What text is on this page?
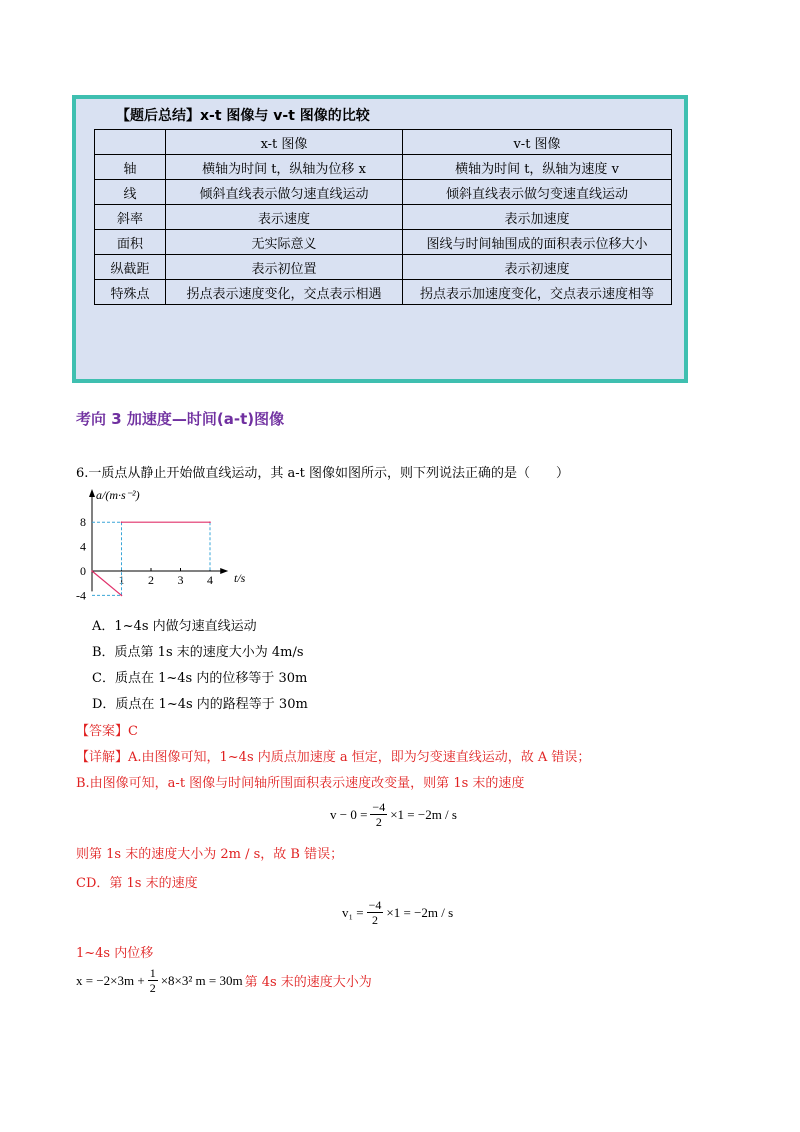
【题后总结】x-t 图像与 v-t 图像的比较
	x-t 图像	v-t 图像
轴	横轴为时间 t，纵轴为位移 x	横轴为时间 t，纵轴为速度 v
线	倾斜直线表示做匀速直线运动	倾斜直线表示做匀变速直线运动
斜率	表示速度	表示加速度
面积	无实际意义	图线与时间轴围成的面积表示位移大小
纵截距	表示初位置	表示初速度
特殊点	拐点表示速度变化，交点表示相遇	拐点表示加速度变化，交点表示速度相等
考向 3 加速度—时间(a-t)图像
6.一质点从静止开始做直线运动，其 a-t 图像如图所示，则下列说法正确的是（　　）
8
4
0
-4
1 2 3 4
a/(m·s⁻²)
t/s
A．1~4s 内做匀速直线运动
B．质点第 1s 末的速度大小为 4m/s
C．质点在 1~4s 内的位移等于 30m
D．质点在 1~4s 内的路程等于 30m
【答案】C
【详解】A.由图像可知，1~4s 内质点加速度 a 恒定，即为匀变速直线运动，故 A 错误；
B.由图像可知，a-t 图像与时间轴所围面积表示速度改变量，则第 1s 末的速度
$v - 0 = \frac{-4}{2} \times 1 = -2m / s$
则第 1s 末的速度大小为 2m / s，故 B 错误；
CD．第 1s 末的速度
$v_1 = \frac{-4}{2} \times 1 = -2m / s$
1~4s 内位移
$x = -2\times 3m + \frac{1}{2} \times 8\times 3^2$ m = 30m 第 4s 末的速度大小为
